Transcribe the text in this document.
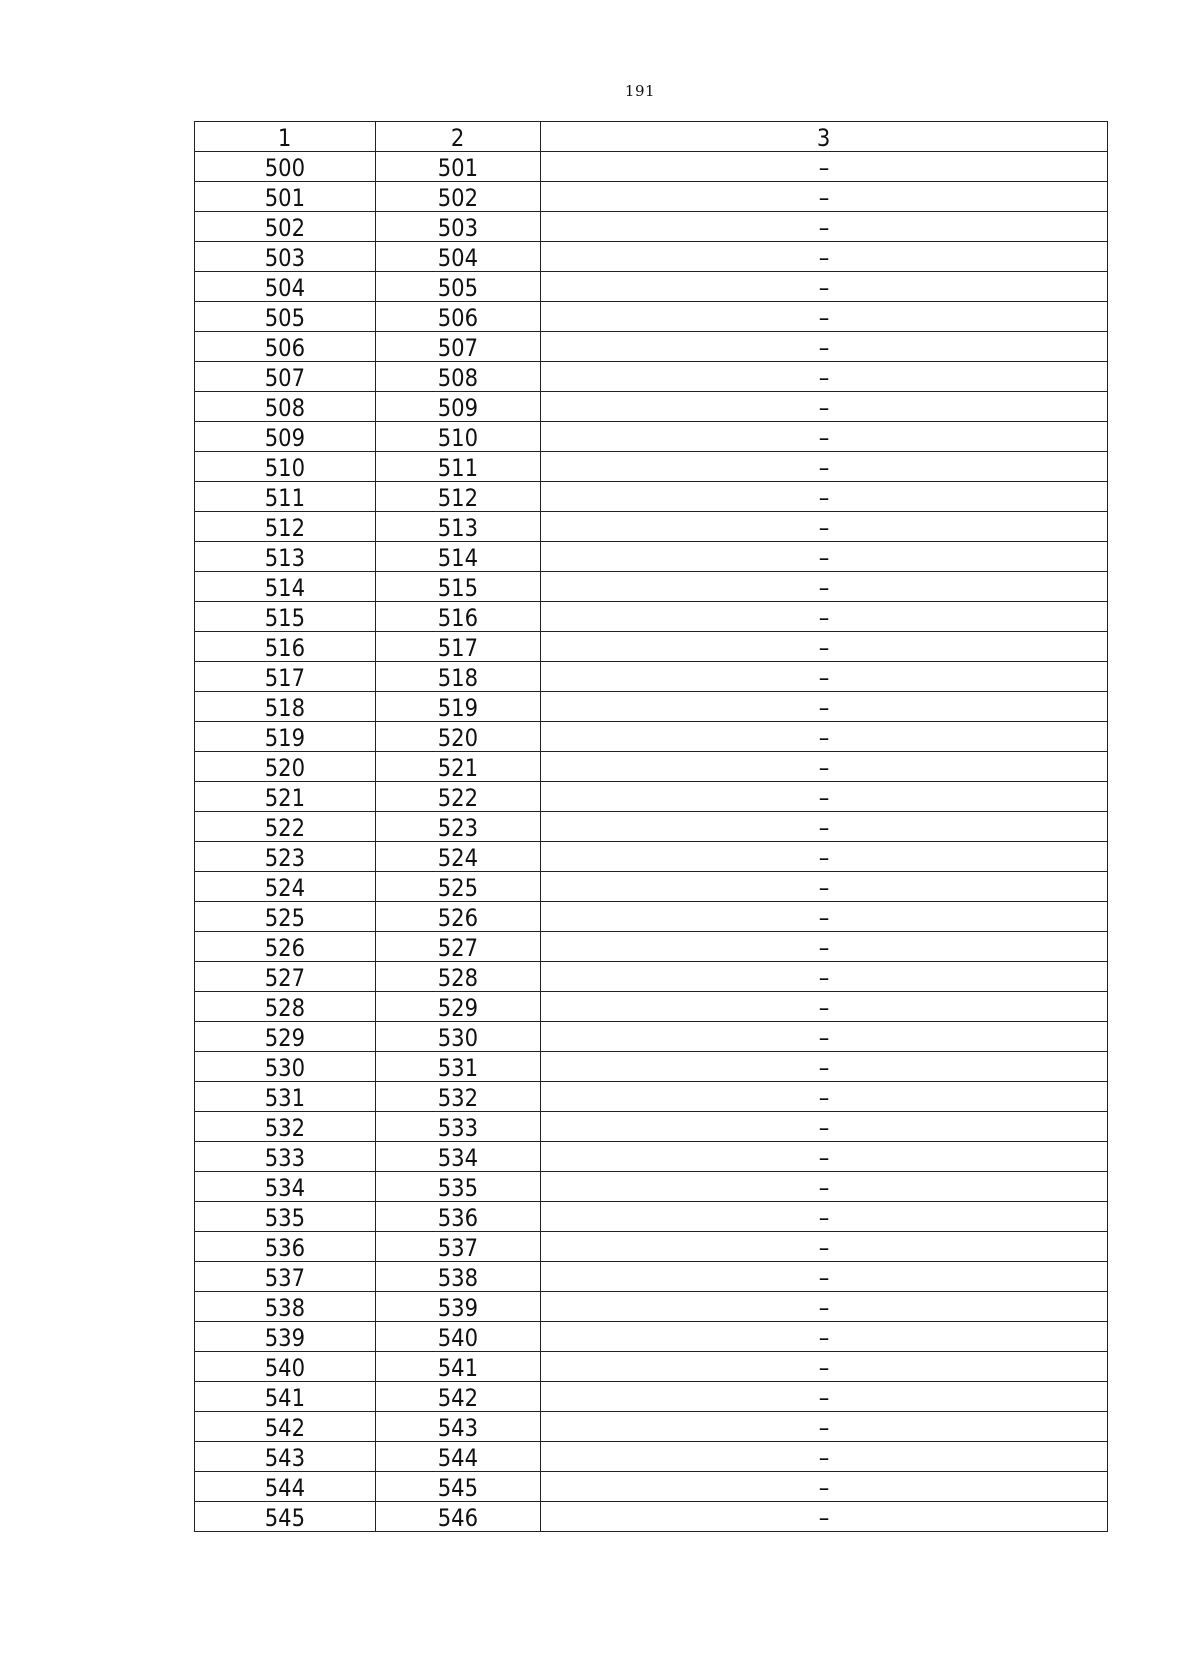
191
1	2	3
500	501	–
501	502	–
502	503	–
503	504	–
504	505	–
505	506	–
506	507	–
507	508	–
508	509	–
509	510	–
510	511	–
511	512	–
512	513	–
513	514	–
514	515	–
515	516	–
516	517	–
517	518	–
518	519	–
519	520	–
520	521	–
521	522	–
522	523	–
523	524	–
524	525	–
525	526	–
526	527	–
527	528	–
528	529	–
529	530	–
530	531	–
531	532	–
532	533	–
533	534	–
534	535	–
535	536	–
536	537	–
537	538	–
538	539	–
539	540	–
540	541	–
541	542	–
542	543	–
543	544	–
544	545	–
545	546	–
